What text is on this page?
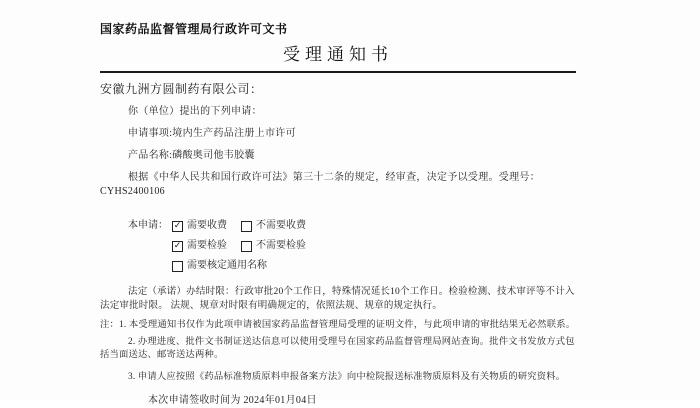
国家药品监督管理局行政许可文书
受理通知书
安徽九洲方圆制药有限公司：

你（单位）提出的下列申请：

申请事项:境内生产药品注册上市许可

产品名称:磷酸奥司他韦胶囊

根据《中华人民共和国行政许可法》第三十二条的规定，经审查，决定予以受理。受理号：CYHS2400106

本申请： ✓ 需要收费	不需要收费
✓ 需要检验	不需要检验
需要核定通用名称

法定（承诺）办结时限：行政审批20个工作日，特殊情况延长10个工作日。检验检测、技术审评等不计入法定审批时限。 法规、规章对时限有明确规定的，依照法规、规章的规定执行。

注：1. 本受理通知书仅作为此项申请被国家药品监督管理局受理的证明文件，与此项申请的审批结果无必然联系。

2. 办理进度、批件文书制证送达信息可以使用受理号在国家药品监督管理局网站查询。批件文书发放方式包括当面送达、邮寄送达两种。

3. 申请人应按照《药品标准物质原料申报备案方法》向中检院报送标准物质原料及有关物质的研究资料。

本次申请签收时间为 2024年01月04日
